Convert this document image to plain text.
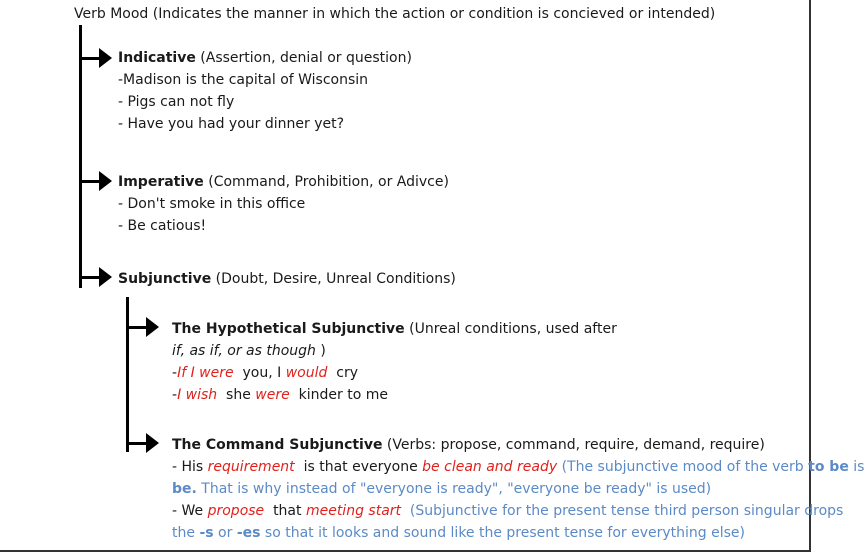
Verb Mood (Indicates the manner in which the action or condition is concieved or intended)
Indicative (Assertion, denial or question)
-Madison is the capital of Wisconsin
- Pigs can not fly
- Have you had your dinner yet?
Imperative (Command, Prohibition, or Adivce)
- Don't smoke in this office
- Be catious!
Subjunctive (Doubt, Desire, Unreal Conditions)
The Hypothetical Subjunctive (Unreal conditions, used after
if, as if, or as though )
-If I were  you, I would  cry
-I wish  she were  kinder to me
The Command Subjunctive (Verbs: propose, command, require, demand, require)
- His requirement  is that everyone be clean and ready (The subjunctive mood of the verb to be is
be. That is why instead of "everyone is ready", "everyone be ready" is used)
- We propose  that meeting start  (Subjunctive for the present tense third person singular drops
the -s or -es so that it looks and sound like the present tense for everything else)
